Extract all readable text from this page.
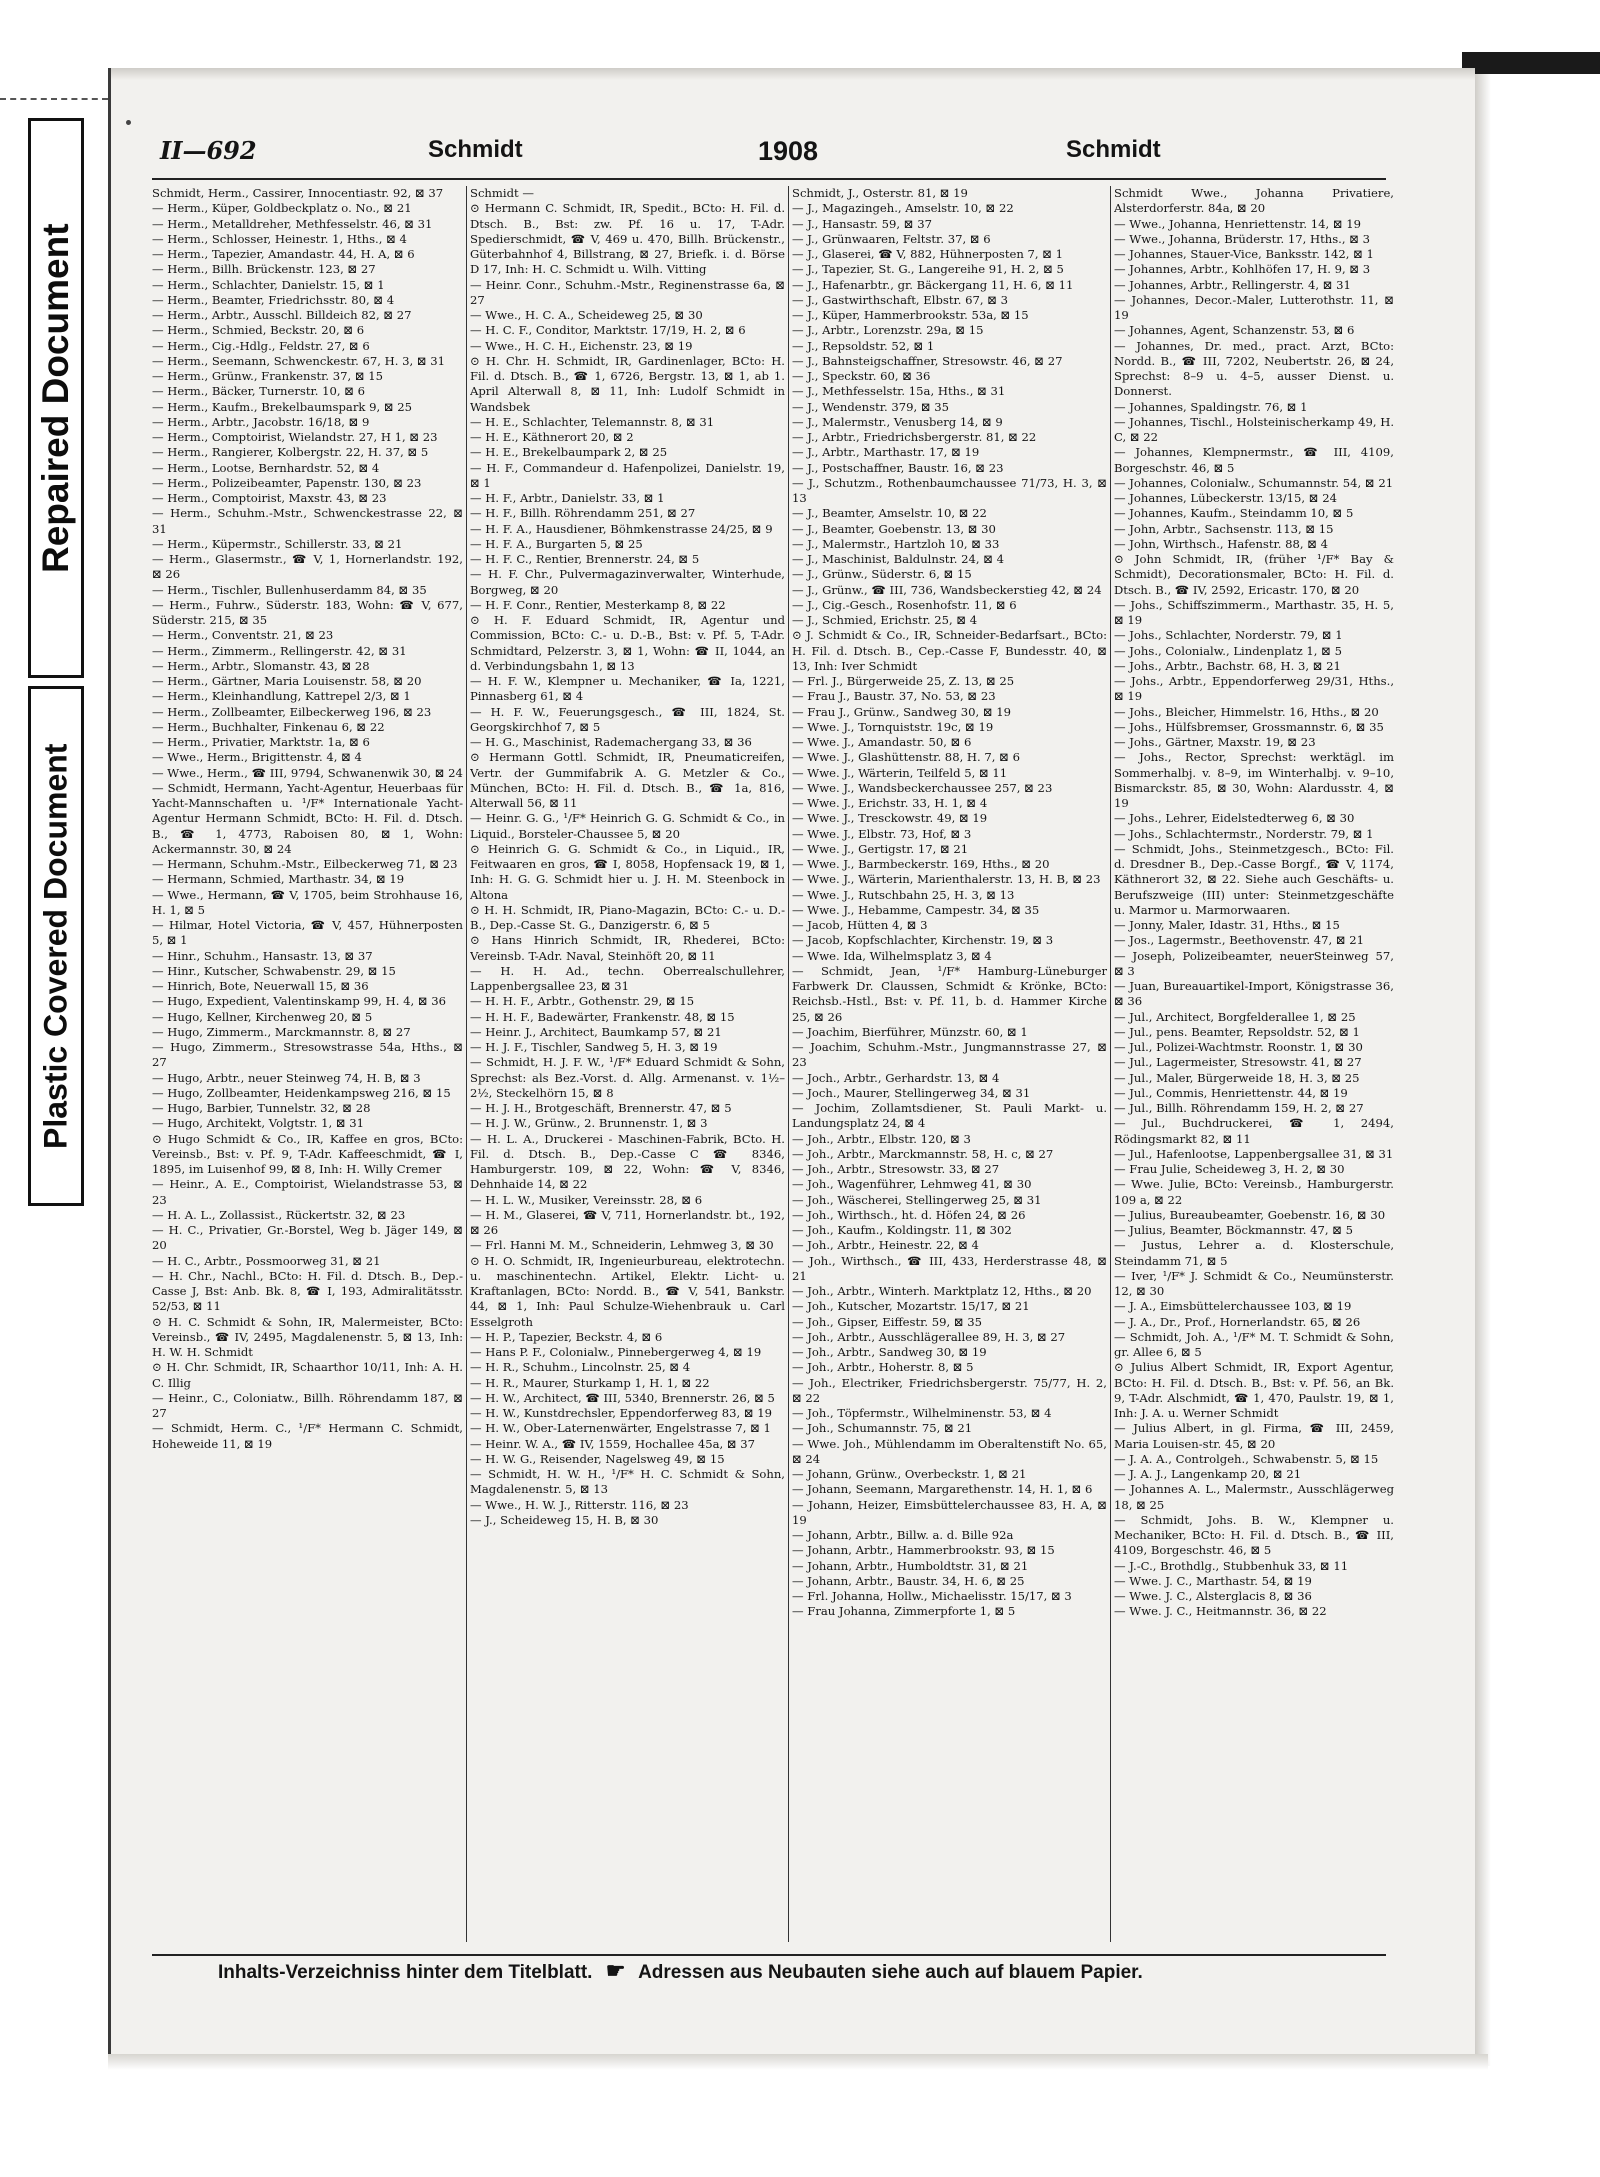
Repaired Document
Plastic Covered Document
II—692	Schmidt	1908	Schmidt

Schmidt, Herm., Cassirer, Innocentiastr. 92, ⊠ 37

— Herm., Küper, Goldbeckplatz o. No., ⊠ 21

— Herm., Metalldreher, Methfesselstr. 46, ⊠ 31

— Herm., Schlosser, Heinestr. 1, Hths., ⊠ 4

— Herm., Tapezier, Amandastr. 44, H. A, ⊠ 6

— Herm., Billh. Brückenstr. 123, ⊠ 27

— Herm., Schlachter, Danielstr. 15, ⊠ 1

— Herm., Beamter, Friedrichsstr. 80, ⊠ 4

— Herm., Arbtr., Ausschl. Billdeich 82, ⊠ 27

— Herm., Schmied, Beckstr. 20, ⊠ 6

— Herm., Cig.-Hdlg., Feldstr. 27, ⊠ 6

— Herm., Seemann, Schwenckestr. 67, H. 3, ⊠ 31

— Herm., Grünw., Frankenstr. 37, ⊠ 15

— Herm., Bäcker, Turnerstr. 10, ⊠ 6

— Herm., Kaufm., Brekelbaumspark 9, ⊠ 25

— Herm., Arbtr., Jacobstr. 16/18, ⊠ 9

— Herm., Comptoirist, Wielandstr. 27, H 1, ⊠ 23

— Herm., Rangierer, Kolbergstr. 22, H. 37, ⊠ 5

— Herm., Lootse, Bernhardstr. 52, ⊠ 4

— Herm., Polizeibeamter, Papenstr. 130, ⊠ 23

— Herm., Comptoirist, Maxstr. 43, ⊠ 23

— Herm., Schuhm.-Mstr., Schwenckestrasse 22, ⊠ 31

— Herm., Küpermstr., Schillerstr. 33, ⊠ 21

— Herm., Glasermstr., ☎ V, 1, Hornerlandstr. 192, ⊠ 26

— Herm., Tischler, Bullenhuserdamm 84, ⊠ 35

— Herm., Fuhrw., Süderstr. 183, Wohn: ☎ V, 677, Süderstr. 215, ⊠ 35

— Herm., Conventstr. 21, ⊠ 23

— Herm., Zimmerm., Rellingerstr. 42, ⊠ 31

— Herm., Arbtr., Slomanstr. 43, ⊠ 28

— Herm., Gärtner, Maria Louisenstr. 58, ⊠ 20

— Herm., Kleinhandlung, Kattrepel 2/3, ⊠ 1

— Herm., Zollbeamter, Eilbeckerweg 196, ⊠ 23

— Herm., Buchhalter, Finkenau 6, ⊠ 22

— Herm., Privatier, Marktstr. 1a, ⊠ 6

— Wwe., Herm., Brigittenstr. 4, ⊠ 4

— Wwe., Herm., ☎ III, 9794, Schwanenwik 30, ⊠ 24

— Schmidt, Hermann, Yacht-Agentur, Heuerbaas für Yacht-Mannschaften u. ¹/F* Internationale Yacht-Agentur Hermann Schmidt, BCto: H. Fil. d. Dtsch. B., ☎ 1, 4773, Raboisen 80, ⊠ 1, Wohn: Ackermannstr. 30, ⊠ 24

— Hermann, Schuhm.-Mstr., Eilbeckerweg 71, ⊠ 23

— Hermann, Schmied, Marthastr. 34, ⊠ 19

— Wwe., Hermann, ☎ V, 1705, beim Strohhause 16, H. 1, ⊠ 5

— Hilmar, Hotel Victoria, ☎ V, 457, Hühnerposten 5, ⊠ 1

— Hinr., Schuhm., Hansastr. 13, ⊠ 37

— Hinr., Kutscher, Schwabenstr. 29, ⊠ 15

— Hinrich, Bote, Neuerwall 15, ⊠ 36

— Hugo, Expedient, Valentinskamp 99, H. 4, ⊠ 36

— Hugo, Kellner, Kirchenweg 20, ⊠ 5

— Hugo, Zimmerm., Marckmannstr. 8, ⊠ 27

— Hugo, Zimmerm., Stresowstrasse 54a, Hths., ⊠ 27

— Hugo, Arbtr., neuer Steinweg 74, H. B, ⊠ 3

— Hugo, Zollbeamter, Heidenkampsweg 216, ⊠ 15

— Hugo, Barbier, Tunnelstr. 32, ⊠ 28

— Hugo, Architekt, Volgtstr. 1, ⊠ 31

⊙ Hugo Schmidt & Co., IR, Kaffee en gros, BCto: Vereinsb., Bst: v. Pf. 9, T-Adr. Kaffeeschmidt, ☎ I, 1895, im Luisenhof 99, ⊠ 8, Inh: H. Willy Cremer

— Heinr., A. E., Comptoirist, Wielandstrasse 53, ⊠ 23

— H. A. L., Zollassist., Rückertstr. 32, ⊠ 23

— H. C., Privatier, Gr.-Borstel, Weg b. Jäger 149, ⊠ 20

— H. C., Arbtr., Possmoorweg 31, ⊠ 21

— H. Chr., Nachl., BCto: H. Fil. d. Dtsch. B., Dep.-Casse J, Bst: Anb. Bk. 8, ☎ I, 193, Admiralitätsstr. 52/53, ⊠ 11

⊙ H. C. Schmidt & Sohn, IR, Malermeister, BCto: Vereinsb., ☎ IV, 2495, Magdalenenstr. 5, ⊠ 13, Inh: H. W. H. Schmidt

⊙ H. Chr. Schmidt, IR, Schaarthor 10/11, Inh: A. H. C. Illig

— Heinr., C., Coloniatw., Billh. Röhrendamm 187, ⊠ 27

— Schmidt, Herm. C., ¹/F* Hermann C. Schmidt, Hoheweide 11, ⊠ 19

Schmidt —

⊙ Hermann C. Schmidt, IR, Spedit., BCto: H. Fil. d. Dtsch. B., Bst: zw. Pf. 16 u. 17, T-Adr. Spedierschmidt, ☎ V, 469 u. 470, Billh. Brückenstr., Güterbahnhof 4, Billstrang, ⊠ 27, Briefk. i. d. Börse D 17, Inh: H. C. Schmidt u. Wilh. Vitting

— Heinr. Conr., Schuhm.-Mstr., Reginenstrasse 6a, ⊠ 27

— Wwe., H. C. A., Scheideweg 25, ⊠ 30

— H. C. F., Conditor, Marktstr. 17/19, H. 2, ⊠ 6

— Wwe., H. C. H., Eichenstr. 23, ⊠ 19

⊙ H. Chr. H. Schmidt, IR, Gardinenlager, BCto: H. Fil. d. Dtsch. B., ☎ 1, 6726, Bergstr. 13, ⊠ 1, ab 1. April Alterwall 8, ⊠ 11, Inh: Ludolf Schmidt in Wandsbek

— H. E., Schlachter, Telemannstr. 8, ⊠ 31

— H. E., Käthnerort 20, ⊠ 2

— H. E., Brekelbaumpark 2, ⊠ 25

— H. F., Commandeur d. Hafenpolizei, Danielstr. 19, ⊠ 1

— H. F., Arbtr., Danielstr. 33, ⊠ 1

— H. F., Billh. Röhrendamm 251, ⊠ 27

— H. F. A., Hausdiener, Böhmkenstrasse 24/25, ⊠ 9

— H. F. A., Burgarten 5, ⊠ 25

— H. F. C., Rentier, Brennerstr. 24, ⊠ 5

— H. F. Chr., Pulvermagazinverwalter, Winterhude, Borgweg, ⊠ 20

— H. F. Conr., Rentier, Mesterkamp 8, ⊠ 22

⊙ H. F. Eduard Schmidt, IR, Agentur und Commission, BCto: C.- u. D.-B., Bst: v. Pf. 5, T-Adr. Schmidtard, Pelzerstr. 3, ⊠ 1, Wohn: ☎ II, 1044, an d. Verbindungsbahn 1, ⊠ 13

— H. F. W., Klempner u. Mechaniker, ☎ Ia, 1221, Pinnasberg 61, ⊠ 4

— H. F. W., Feuerungsgesch., ☎ III, 1824, St. Georgskirchhof 7, ⊠ 5

— H. G., Maschinist, Rademachergang 33, ⊠ 36

⊙ Hermann Gottl. Schmidt, IR, Pneumaticreifen, Vertr. der Gummifabrik A. G. Metzler & Co., München, BCto: H. Fil. d. Dtsch. B., ☎ 1a, 816, Alterwall 56, ⊠ 11

— Heinr. G. G., ¹/F* Heinrich G. G. Schmidt & Co., in Liquid., Borsteler-Chaussee 5, ⊠ 20

⊙ Heinrich G. G. Schmidt & Co., in Liquid., IR, Feitwaaren en gros, ☎ I, 8058, Hopfensack 19, ⊠ 1, Inh: H. G. G. Schmidt hier u. J. H. M. Steenbock in Altona

⊙ H. H. Schmidt, IR, Piano-Magazin, BCto: C.- u. D.-B., Dep.-Casse St. G., Danzigerstr. 6, ⊠ 5

⊙ Hans Hinrich Schmidt, IR, Rhederei, BCto: Vereinsb. T-Adr. Naval, Steinhöft 20, ⊠ 11

— H. H. Ad., techn. Oberrealschullehrer, Lappenbergsallee 23, ⊠ 31

— H. H. F., Arbtr., Gothenstr. 29, ⊠ 15

— H. H. F., Badewärter, Frankenstr. 48, ⊠ 15

— Heinr. J., Architect, Baumkamp 57, ⊠ 21

— H. J. F., Tischler, Sandweg 5, H. 3, ⊠ 19

— Schmidt, H. J. F. W., ¹/F* Eduard Schmidt & Sohn, Sprechst: als Bez.-Vorst. d. Allg. Armenanst. v. 1½–2½, Steckelhörn 15, ⊠ 8

— H. J. H., Brotgeschäft, Brennerstr. 47, ⊠ 5

— H. J. W., Grünw., 2. Brunnenstr. 1, ⊠ 3

— H. L. A., Druckerei - Maschinen-Fabrik, BCto. H. Fil. d. Dtsch. B., Dep.-Casse C ☎ 8346, Hamburgerstr. 109, ⊠ 22, Wohn: ☎ V, 8346, Dehnhaide 14, ⊠ 22

— H. L. W., Musiker, Vereinsstr. 28, ⊠ 6

— H. M., Glaserei, ☎ V, 711, Hornerlandstr. bt., 192, ⊠ 26

— Frl. Hanni M. M., Schneiderin, Lehmweg 3, ⊠ 30

⊙ H. O. Schmidt, IR, Ingenieurbureau, elektrotechn. u. maschinentechn. Artikel, Elektr. Licht- u. Kraftanlagen, BCto: Nordd. B., ☎ V, 541, Bankstr. 44, ⊠ 1, Inh: Paul Schulze-Wiehenbrauk u. Carl Esselgroth

— H. P., Tapezier, Beckstr. 4, ⊠ 6

— Hans P. F., Colonialw., Pinnebergerweg 4, ⊠ 19

— H. R., Schuhm., Lincolnstr. 25, ⊠ 4

— H. R., Maurer, Sturkamp 1, H. 1, ⊠ 22

— H. W., Architect, ☎ III, 5340, Brennerstr. 26, ⊠ 5

— H. W., Kunstdrechsler, Eppendorferweg 83, ⊠ 19

— H. W., Ober-Laternenwärter, Engelstrasse 7, ⊠ 1

— Heinr. W. A., ☎ IV, 1559, Hochallee 45a, ⊠ 37

— H. W. G., Reisender, Nagelsweg 49, ⊠ 15

— Schmidt, H. W. H., ¹/F* H. C. Schmidt & Sohn, Magdalenenstr. 5, ⊠ 13

— Wwe., H. W. J., Ritterstr. 116, ⊠ 23

— J., Scheideweg 15, H. B, ⊠ 30

Schmidt, J., Osterstr. 81, ⊠ 19

— J., Magazingeh., Amselstr. 10, ⊠ 22

— J., Hansastr. 59, ⊠ 37

— J., Grünwaaren, Feltstr. 37, ⊠ 6

— J., Glaserei, ☎ V, 882, Hühnerposten 7, ⊠ 1

— J., Tapezier, St. G., Langereihe 91, H. 2, ⊠ 5

— J., Hafenarbtr., gr. Bäckergang 11, H. 6, ⊠ 11

— J., Gastwirthschaft, Elbstr. 67, ⊠ 3

— J., Küper, Hammerbrookstr. 53a, ⊠ 15

— J., Arbtr., Lorenzstr. 29a, ⊠ 15

— J., Repsoldstr. 52, ⊠ 1

— J., Bahnsteigschaffner, Stresowstr. 46, ⊠ 27

— J., Speckstr. 60, ⊠ 36

— J., Methfesselstr. 15a, Hths., ⊠ 31

— J., Wendenstr. 379, ⊠ 35

— J., Malermstr., Venusberg 14, ⊠ 9

— J., Arbtr., Friedrichsbergerstr. 81, ⊠ 22

— J., Arbtr., Marthastr. 17, ⊠ 19

— J., Postschaffner, Baustr. 16, ⊠ 23

— J., Schutzm., Rothenbaumchaussee 71/73, H. 3, ⊠ 13

— J., Beamter, Amselstr. 10, ⊠ 22

— J., Beamter, Goebenstr. 13, ⊠ 30

— J., Malermstr., Hartzloh 10, ⊠ 33

— J., Maschinist, Baldulnstr. 24, ⊠ 4

— J., Grünw., Süderstr. 6, ⊠ 15

— J., Grünw., ☎ III, 736, Wandsbeckerstieg 42, ⊠ 24

— J., Cig.-Gesch., Rosenhofstr. 11, ⊠ 6

— J., Schmied, Erichstr. 25, ⊠ 4

⊙ J. Schmidt & Co., IR, Schneider-Bedarfsart., BCto: H. Fil. d. Dtsch. B., Cep.-Casse F, Bundesstr. 40, ⊠ 13, Inh: Iver Schmidt

— Frl. J., Bürgerweide 25, Z. 13, ⊠ 25

— Frau J., Baustr. 37, No. 53, ⊠ 23

— Frau J., Grünw., Sandweg 30, ⊠ 19

— Wwe. J., Tornquiststr. 19c, ⊠ 19

— Wwe. J., Amandastr. 50, ⊠ 6

— Wwe. J., Glashüttenstr. 88, H. 7, ⊠ 6

— Wwe. J., Wärterin, Teilfeld 5, ⊠ 11

— Wwe. J., Wandsbeckerchaussee 257, ⊠ 23

— Wwe. J., Erichstr. 33, H. 1, ⊠ 4

— Wwe. J., Tresckowstr. 49, ⊠ 19

— Wwe. J., Elbstr. 73, Hof, ⊠ 3

— Wwe. J., Gertigstr. 17, ⊠ 21

— Wwe. J., Barmbeckerstr. 169, Hths., ⊠ 20

— Wwe. J., Wärterin, Marienthalerstr. 13, H. B, ⊠ 23

— Wwe. J., Rutschbahn 25, H. 3, ⊠ 13

— Wwe. J., Hebamme, Campestr. 34, ⊠ 35

— Jacob, Hütten 4, ⊠ 3

— Jacob, Kopfschlachter, Kirchenstr. 19, ⊠ 3

— Wwe. Ida, Wilhelmsplatz 3, ⊠ 4

— Schmidt, Jean, ¹/F* Hamburg-Lüneburger Farbwerk Dr. Claussen, Schmidt & Krönke, BCto: Reichsb.-Hstl., Bst: v. Pf. 11, b. d. Hammer Kirche 25, ⊠ 26

— Joachim, Bierführer, Münzstr. 60, ⊠ 1

— Joachim, Schuhm.-Mstr., Jungmannstrasse 27, ⊠ 23

— Joch., Arbtr., Gerhardstr. 13, ⊠ 4

— Joch., Maurer, Stellingerweg 34, ⊠ 31

— Jochim, Zollamtsdiener, St. Pauli Markt- u. Landungsplatz 24, ⊠ 4

— Joh., Arbtr., Elbstr. 120, ⊠ 3

— Joh., Arbtr., Marckmannstr. 58, H. c, ⊠ 27

— Joh., Arbtr., Stresowstr. 33, ⊠ 27

— Joh., Wagenführer, Lehmweg 41, ⊠ 30

— Joh., Wäscherei, Stellingerweg 25, ⊠ 31

— Joh., Wirthsch., ht. d. Höfen 24, ⊠ 26

— Joh., Kaufm., Koldingstr. 11, ⊠ 302

— Joh., Arbtr., Heinestr. 22, ⊠ 4

— Joh., Wirthsch., ☎ III, 433, Herderstrasse 48, ⊠ 21

— Joh., Arbtr., Winterh. Marktplatz 12, Hths., ⊠ 20

— Joh., Kutscher, Mozartstr. 15/17, ⊠ 21

— Joh., Gipser, Eiffestr. 59, ⊠ 35

— Joh., Arbtr., Ausschlägerallee 89, H. 3, ⊠ 27

— Joh., Arbtr., Sandweg 30, ⊠ 19

— Joh., Arbtr., Hoherstr. 8, ⊠ 5

— Joh., Electriker, Friedrichsbergerstr. 75/77, H. 2, ⊠ 22

— Joh., Töpfermstr., Wilhelminenstr. 53, ⊠ 4

— Joh., Schumannstr. 75, ⊠ 21

— Wwe. Joh., Mühlendamm im Oberaltenstift No. 65, ⊠ 24

— Johann, Grünw., Overbeckstr. 1, ⊠ 21

— Johann, Seemann, Margarethenstr. 14, H. 1, ⊠ 6

— Johann, Heizer, Eimsbüttelerchaussee 83, H. A, ⊠ 19

— Johann, Arbtr., Billw. a. d. Bille 92a

— Johann, Arbtr., Hammerbrookstr. 93, ⊠ 15

— Johann, Arbtr., Humboldtstr. 31, ⊠ 21

— Johann, Arbtr., Baustr. 34, H. 6, ⊠ 25

— Frl. Johanna, Hollw., Michaelisstr. 15/17, ⊠ 3

— Frau Johanna, Zimmerpforte 1, ⊠ 5

Schmidt Wwe., Johanna Privatiere, Alsterdorferstr. 84a, ⊠ 20

— Wwe., Johanna, Henriettenstr. 14, ⊠ 19

— Wwe., Johanna, Brüderstr. 17, Hths., ⊠ 3

— Johannes, Stauer-Vice, Banksstr. 142, ⊠ 1

— Johannes, Arbtr., Kohlhöfen 17, H. 9, ⊠ 3

— Johannes, Arbtr., Rellingerstr. 4, ⊠ 31

— Johannes, Decor.-Maler, Lutterothstr. 11, ⊠ 19

— Johannes, Agent, Schanzenstr. 53, ⊠ 6

— Johannes, Dr. med., pract. Arzt, BCto: Nordd. B., ☎ III, 7202, Neubertstr. 26, ⊠ 24, Sprechst: 8–9 u. 4–5, ausser Dienst. u. Donnerst.

— Johannes, Spaldingstr. 76, ⊠ 1

— Johannes, Tischl., Holsteinischerkamp 49, H. C, ⊠ 22

— Johannes, Klempnermstr., ☎ III, 4109, Borgeschstr. 46, ⊠ 5

— Johannes, Colonialw., Schumannstr. 54, ⊠ 21

— Johannes, Lübeckerstr. 13/15, ⊠ 24

— Johannes, Kaufm., Steindamm 10, ⊠ 5

— John, Arbtr., Sachsenstr. 113, ⊠ 15

— John, Wirthsch., Hafenstr. 88, ⊠ 4

⊙ John Schmidt, IR, (früher ¹/F* Bay & Schmidt), Decorationsmaler, BCto: H. Fil. d. Dtsch. B., ☎ IV, 2592, Ericastr. 170, ⊠ 20

— Johs., Schiffszimmerm., Marthastr. 35, H. 5, ⊠ 19

— Johs., Schlachter, Norderstr. 79, ⊠ 1

— Johs., Colonialw., Lindenplatz 1, ⊠ 5

— Johs., Arbtr., Bachstr. 68, H. 3, ⊠ 21

— Johs., Arbtr., Eppendorferweg 29/31, Hths., ⊠ 19

— Johs., Bleicher, Himmelstr. 16, Hths., ⊠ 20

— Johs., Hülfsbremser, Grossmannstr. 6, ⊠ 35

— Johs., Gärtner, Maxstr. 19, ⊠ 23

— Johs., Rector, Sprechst: werktägl. im Sommerhalbj. v. 8–9, im Winterhalbj. v. 9–10, Bismarckstr. 85, ⊠ 30, Wohn: Alardusstr. 4, ⊠ 19

— Johs., Lehrer, Eidelstedterweg 6, ⊠ 30

— Johs., Schlachtermstr., Norderstr. 79, ⊠ 1

— Schmidt, Johs., Steinmetzgesch., BCto: Fil. d. Dresdner B., Dep.-Casse Borgf., ☎ V, 1174, Käthnerort 32, ⊠ 22. Siehe auch Geschäfts- u. Berufszweige (III) unter: Steinmetzgeschäfte u. Marmor u. Marmorwaaren.

— Jonny, Maler, Idastr. 31, Hths., ⊠ 15

— Jos., Lagermstr., Beethovenstr. 47, ⊠ 21

— Joseph, Polizeibeamter, neuerSteinweg 57, ⊠ 3

— Juan, Bureauartikel-Import, Königstrasse 36, ⊠ 36

— Jul., Architect, Borgfelderallee 1, ⊠ 25

— Jul., pens. Beamter, Repsoldstr. 52, ⊠ 1

— Jul., Polizei-Wachtmstr. Roonstr. 1, ⊠ 30

— Jul., Lagermeister, Stresowstr. 41, ⊠ 27

— Jul., Maler, Bürgerweide 18, H. 3, ⊠ 25

— Jul., Commis, Henriettenstr. 44, ⊠ 19

— Jul., Billh. Röhrendamm 159, H. 2, ⊠ 27

— Jul., Buchdruckerei, ☎ 1, 2494, Rödingsmarkt 82, ⊠ 11

— Jul., Hafenlootse, Lappenbergsallee 31, ⊠ 31

— Frau Julie, Scheideweg 3, H. 2, ⊠ 30

— Wwe. Julie, BCto: Vereinsb., Hamburgerstr. 109 a, ⊠ 22

— Julius, Bureaubeamter, Goebenstr. 16, ⊠ 30

— Julius, Beamter, Böckmannstr. 47, ⊠ 5

— Justus, Lehrer a. d. Klosterschule, Steindamm 71, ⊠ 5

— Iver, ¹/F* J. Schmidt & Co., Neumünsterstr. 12, ⊠ 30

— J. A., Eimsbüttelerchaussee 103, ⊠ 19

— J. A., Dr., Prof., Hornerlandstr. 65, ⊠ 26

— Schmidt, Joh. A., ¹/F* M. T. Schmidt & Sohn, gr. Allee 6, ⊠ 5

⊙ Julius Albert Schmidt, IR, Export Agentur, BCto: H. Fil. d. Dtsch. B., Bst: v. Pf. 56, an Bk. 9, T-Adr. Alschmidt, ☎ 1, 470, Paulstr. 19, ⊠ 1, Inh: J. A. u. Werner Schmidt

— Julius Albert, in gl. Firma, ☎ III, 2459, Maria Louisen-str. 45, ⊠ 20

— J. A. A., Controlgeh., Schwabenstr. 5, ⊠ 15

— J. A. J., Langenkamp 20, ⊠ 21

— Johannes A. L., Malermstr., Ausschlägerweg 18, ⊠ 25

— Schmidt, Johs. B. W., Klempner u. Mechaniker, BCto: H. Fil. d. Dtsch. B., ☎ III, 4109, Borgeschstr. 46, ⊠ 5

— J.-C., Brothdlg., Stubbenhuk 33, ⊠ 11

— Wwe. J. C., Marthastr. 54, ⊠ 19

— Wwe. J. C., Alsterglacis 8, ⊠ 36

— Wwe. J. C., Heitmannstr. 36, ⊠ 22

Inhalts-Verzeichniss hinter dem Titelblatt. ☛ Adressen aus Neubauten siehe auch auf blauem Papier.
